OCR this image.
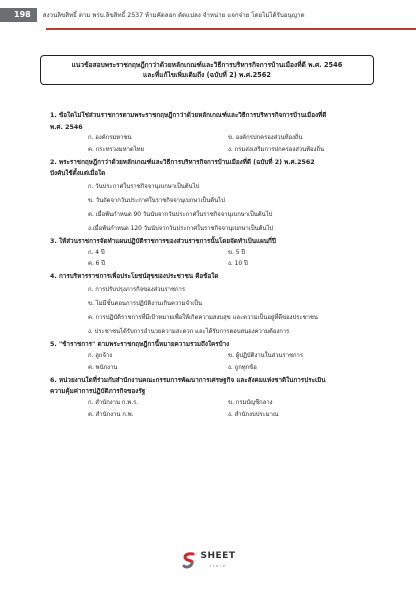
198	สงวนลิขสิทธิ์ ตาม พรบ.ลิขสิทธิ์ 2537 ห้ามคัดลอก ดัดแปลง จำหน่าย แจกจ่าย โดยไม่ได้รับอนุญาต
แนวข้อสอบพระราชกฤษฎีกาว่าด้วยหลักเกณฑ์และวิธีการบริหารกิจการบ้านเมืองที่ดี พ.ศ. 2546
และที่แก้ไขเพิ่มเติมถึง (ฉบับที่ 2) พ.ศ.2562

1. ข้อใดไม่ใช่ส่วนราชการตามพระราชกฤษฎีกาว่าด้วยหลักเกณฑ์และวิธีการบริหารกิจการบ้านเมืองที่ดี
พ.ศ. 2546

ก. องค์กรมหาชน	ข. องค์กรปกครองส่วนท้องถิ่น
ค. กระทรวงมหาดไทย	ง. กรมส่งเสริมการปกครองส่วนท้องถิ่น

2. พระราชกฤษฎีกาว่าด้วยหลักเกณฑ์และวิธีการบริหารกิจการบ้านเมืองที่ดี (ฉบับที่ 2) พ.ศ.2562
บังคับใช้ตั้งแต่เมื่อใด

ก. วันประกาศในราชกิจจานุเบกษาเป็นต้นไป
ข. วันถัดจากวันประกาศในราชกิจจานุเบกษาเป็นต้นไป
ค. เมื่อพ้นกำหนด 90 วันนับจากวันประกาศในราชกิจจานุเบกษาเป็นต้นไป
ง.เมื่อพ้นกำหนด 120 วันนับจากวันประกาศในราชกิจจานุเบกษาเป็นต้นไป

3. ให้ส่วนราชการจัดทำแผนปฏิบัติราชการของส่วนราชการนั้นโดยจัดทำเป็นแผนกี่ปี

ก. 4 ปี	ข. 5 ปี
ค. 6 ปี	ง. 10 ปี

4. การบริหารราชการเพื่อประโยชน์สุขของประชาชน คือข้อใด

ก. การปรับปรุงภารกิจของส่วนราชการ
ข. ไม่มีขั้นตอนการปฏิบัติงานเกินความจำเป็น
ค. การปฏิบัติราชการที่มีเป้าหมายเพื่อให้เกิดความสงบสุข และความเป็นอยู่ที่ดีของประชาชน
ง. ประชาชนได้รับการอำนวยความสะดวก และได้รับการตอบสนองความต้องการ

5. "ข้าราชการ" ตามพระราชกฤษฎีกานี้หมายความรวมถึงใครบ้าง

ก. ลูกจ้าง	ข. ผู้ปฏิบัติงานในส่วนราชการ
ค. พนักงาน	ง. ถูกทุกข้อ

6. หน่วยงานใดที่ร่วมกับสำนักงานคณะกรรมการพัฒนาการเศรษฐกิจ และสังคมแห่งชาติในการประเมิน
ความคุ้มค่าการปฏิบัติภารกิจของรัฐ

ก. สำนักงาน ก.พ.ร.	ข. กรมบัญชีกลาง
ค. สำนักงาน ก.พ.	ง. สำนักงบประมาณ
SHEET
store
